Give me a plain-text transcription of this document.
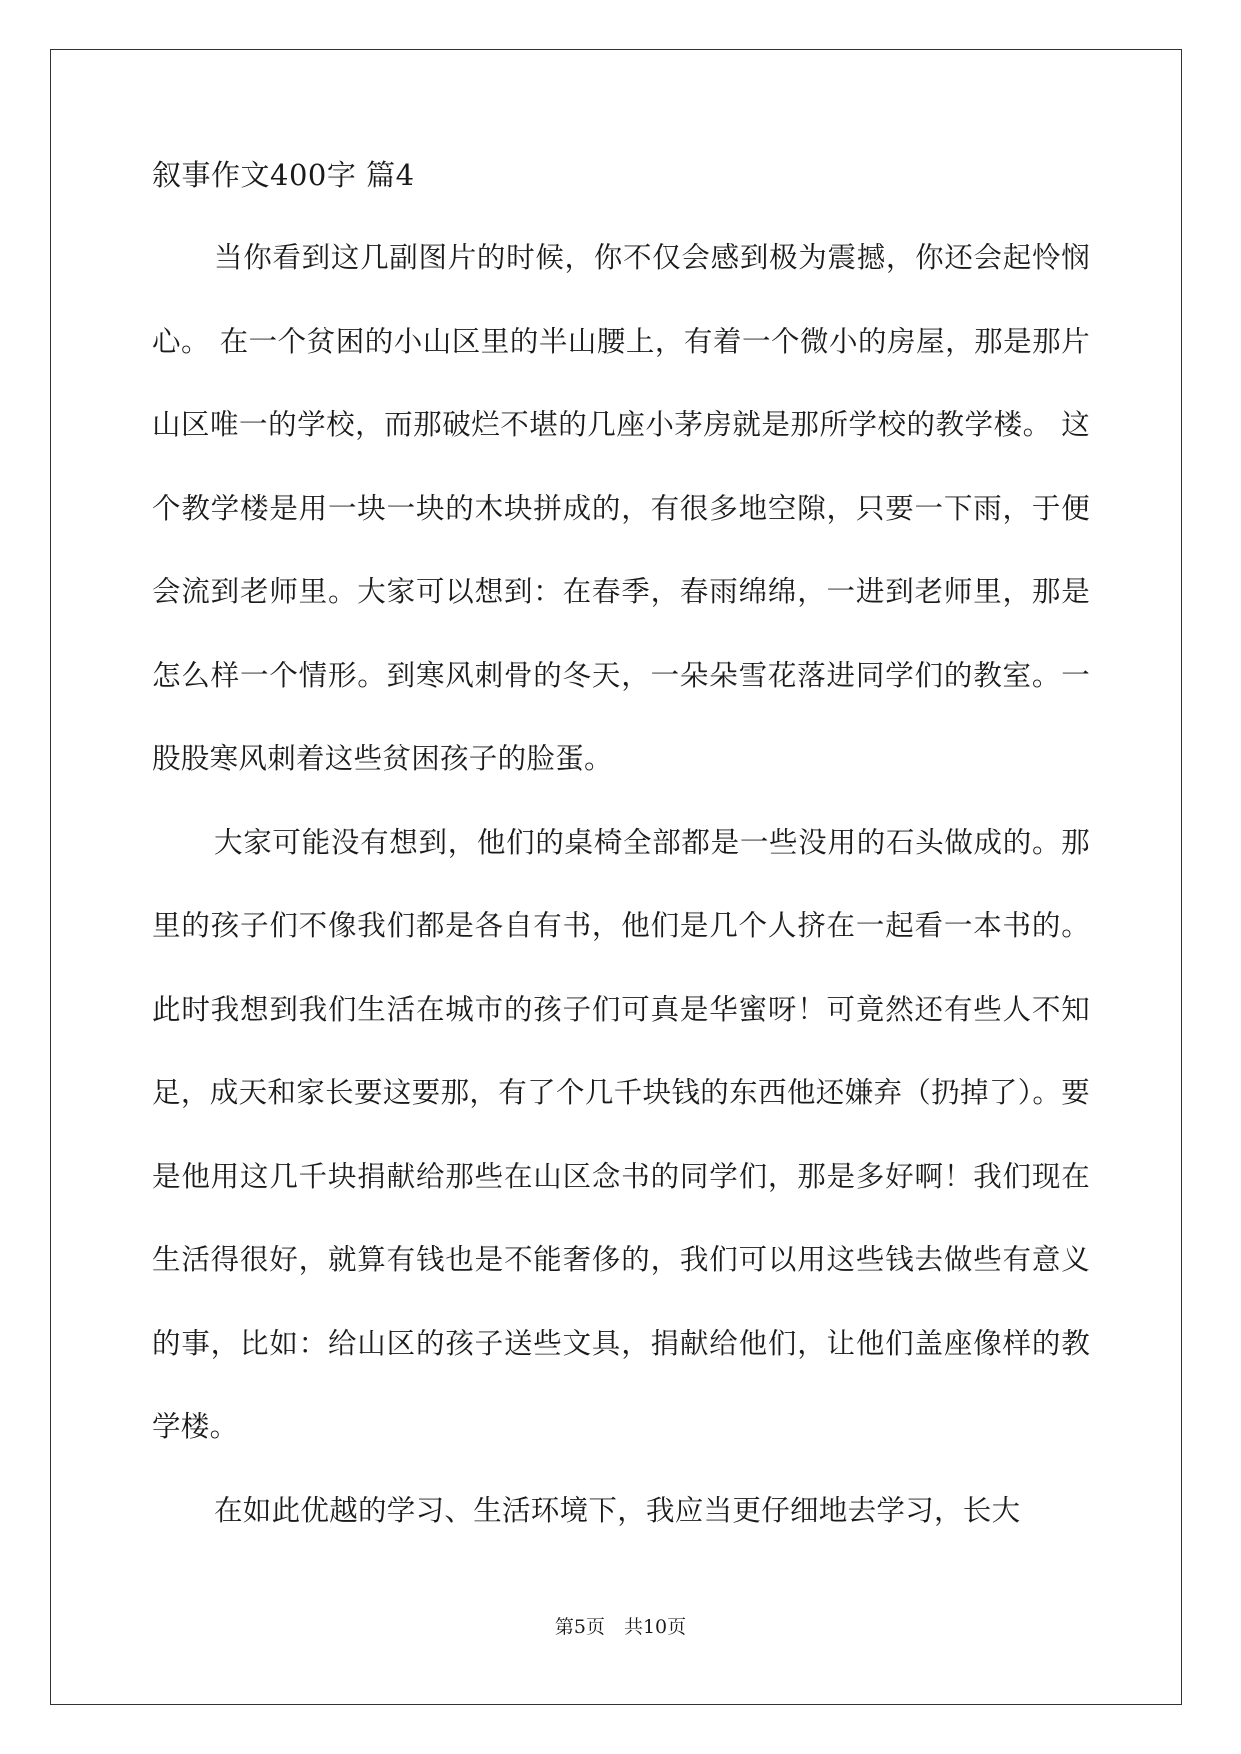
叙事作文400字 篇4

当你看到这几副图片的时候，你不仅会感到极为震撼，你还会起怜悯心。 在一个贫困的小山区里的半山腰上，有着一个微小的房屋，那是那片山区唯一的学校，而那破烂不堪的几座小茅房就是那所学校的教学楼。 这个教学楼是用一块一块的木块拼成的，有很多地空隙，只要一下雨，于便会流到老师里。大家可以想到：在春季，春雨绵绵，一进到老师里，那是怎么样一个情形。到寒风刺骨的冬天，一朵朵雪花落进同学们的教室。一股股寒风刺着这些贫困孩子的脸蛋。

大家可能没有想到，他们的桌椅全部都是一些没用的石头做成的。那里的孩子们不像我们都是各自有书，他们是几个人挤在一起看一本书的。此时我想到我们生活在城市的孩子们可真是华蜜呀！可竟然还有些人不知足，成天和家长要这要那，有了个几千块钱的东西他还嫌弃（扔掉了）。要是他用这几千块捐献给那些在山区念书的同学们，那是多好啊！我们现在生活得很好，就算有钱也是不能奢侈的，我们可以用这些钱去做些有意义的事，比如：给山区的孩子送些文具，捐献给他们，让他们盖座像样的教学楼。

在如此优越的学习、生活环境下，我应当更仔细地去学习，长大

第5页　共10页
